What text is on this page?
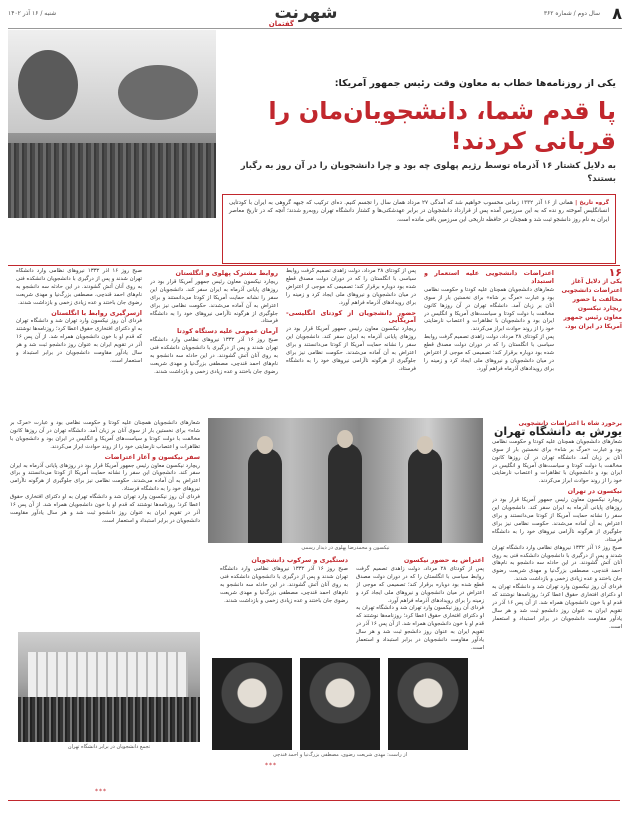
۸
سال دوم / شماره ۳۶۲
شنبه / ۱۶ آذر ۱۴۰۲	شهرنت
گفتمان
یکی از روزنامه‌ها خطاب به معاون وقت رئیس جمهور آمریکا:
پا قدم شما، دانشجویان‌مان را قربانی کردند!
به دلایل کشتار ۱۶ آذرماه توسط رژیم پهلوی چه بود و چرا دانشجویان را در آن روز به رگبار بستند؟
گروه تاریخ | همانی از ۱۶ آذر ۱۳۳۲ زمانی محسوب خواهیم شد که آمدگی ۲۷ مرداد همان سال را تجسم کنیم. ده‌ای ترکیب که جبهه گروهی به ایران با کودتایی انسانگلیس آموخته رو نده که به این سرزمین آمده پس از قرارداد دانشجویان در برابر عهدشکنی‌ها و کشتار دانشگاه تهران روبه‌رو شدند؛ آنچه که در تاریخ معاصر ایران به نام روز دانشجو ثبت شد و همچنان در حافظه تاریخی این سرزمین باقی مانده است.
۱۶
یکی از دلایل آغاز اعتراضات دانشجویی مخالفت با حضور ریچارد نیکسون معاون رئیس جمهور آمریکا در ایران بود.
اعتراضات دانشجویی علیه استعمار و استبداد
شعارهای دانشجویان همچنان علیه کودتا و حکومت نظامی بود و عبارت «مرگ بر شاه» برای نخستین بار از سوی آنان بر زبان آمد. دانشگاه تهران در آن روزها کانون مخالفت با دولت کودتا و سیاست‌های آمریکا و انگلیس در ایران بود و دانشجویان با تظاهرات و اعتصاب نارضایتی خود را از روند حوادث ابراز می‌کردند.
پس از کودتای ۲۸ مرداد، دولت زاهدی تصمیم گرفت روابط سیاسی با انگلستان را که در دوران دولت مصدق قطع شده بود دوباره برقرار کند؛ تصمیمی که موجی از اعتراض در میان دانشجویان و نیروهای ملی ایجاد کرد و زمینه را برای رویدادهای آذرماه فراهم آورد.
پس از کودتای ۲۸ مرداد، دولت زاهدی تصمیم گرفت روابط سیاسی با انگلستان را که در دوران دولت مصدق قطع شده بود دوباره برقرار کند؛ تصمیمی که موجی از اعتراض در میان دانشجویان و نیروهای ملی ایجاد کرد و زمینه را برای رویدادهای آذرماه فراهم آورد.
حضور دانشجویان از کودتای انگلیسی-آمریکایی
ریچارد نیکسون معاون رئیس جمهور آمریکا قرار بود در روزهای پایانی آذرماه به ایران سفر کند. دانشجویان این سفر را نشانه حمایت آمریکا از کودتا می‌دانستند و برای اعتراض به آن آماده می‌شدند. حکومت نظامی نیز برای جلوگیری از هرگونه ناآرامی نیروهای خود را به دانشگاه فرستاد.
روابط مشترک پهلوی و انگلستان
ریچارد نیکسون معاون رئیس جمهور آمریکا قرار بود در روزهای پایانی آذرماه به ایران سفر کند. دانشجویان این سفر را نشانه حمایت آمریکا از کودتا می‌دانستند و برای اعتراض به آن آماده می‌شدند. حکومت نظامی نیز برای جلوگیری از هرگونه ناآرامی نیروهای خود را به دانشگاه فرستاد.
آرمان عمومی علیه دستگاه کودتا
صبح روز ۱۶ آذر ۱۳۳۲ نیروهای نظامی وارد دانشگاه تهران شدند و پس از درگیری با دانشجویان دانشکده فنی به روی آنان آتش گشودند. در این حادثه سه دانشجو به نام‌های احمد قندچی، مصطفی بزرگ‌نیا و مهدی شریعت رضوی جان باختند و عده زیادی زخمی و بازداشت شدند.
صبح روز ۱۶ آذر ۱۳۳۲ نیروهای نظامی وارد دانشگاه تهران شدند و پس از درگیری با دانشجویان دانشکده فنی به روی آنان آتش گشودند. در این حادثه سه دانشجو به نام‌های احمد قندچی، مصطفی بزرگ‌نیا و مهدی شریعت رضوی جان باختند و عده زیادی زخمی و بازداشت شدند.
ازسرگیری روابط با انگلستان
فردای آن روز نیکسون وارد تهران شد و دانشگاه تهران به او دکترای افتخاری حقوق اعطا کرد؛ روزنامه‌ها نوشتند که قدم او با خون دانشجویان همراه شد. از آن پس ۱۶ آذر در تقویم ایران به عنوان روز دانشجو ثبت شد و هر سال یادآور مقاومت دانشجویان در برابر استبداد و استعمار است.
نیکسون و محمدرضا پهلوی در دیدار رسمی
برخورد شاه با اعتراضات دانشجویی
یورش به دانشگاه تهران
شعارهای دانشجویان همچنان علیه کودتا و حکومت نظامی بود و عبارت «مرگ بر شاه» برای نخستین بار از سوی آنان بر زبان آمد. دانشگاه تهران در آن روزها کانون مخالفت با دولت کودتا و سیاست‌های آمریکا و انگلیس در ایران بود و دانشجویان با تظاهرات و اعتصاب نارضایتی خود را از روند حوادث ابراز می‌کردند.
نیکسون در تهران
ریچارد نیکسون معاون رئیس جمهور آمریکا قرار بود در روزهای پایانی آذرماه به ایران سفر کند. دانشجویان این سفر را نشانه حمایت آمریکا از کودتا می‌دانستند و برای اعتراض به آن آماده می‌شدند. حکومت نظامی نیز برای جلوگیری از هرگونه ناآرامی نیروهای خود را به دانشگاه فرستاد.
صبح روز ۱۶ آذر ۱۳۳۲ نیروهای نظامی وارد دانشگاه تهران شدند و پس از درگیری با دانشجویان دانشکده فنی به روی آنان آتش گشودند. در این حادثه سه دانشجو به نام‌های احمد قندچی، مصطفی بزرگ‌نیا و مهدی شریعت رضوی جان باختند و عده زیادی زخمی و بازداشت شدند.
فردای آن روز نیکسون وارد تهران شد و دانشگاه تهران به او دکترای افتخاری حقوق اعطا کرد؛ روزنامه‌ها نوشتند که قدم او با خون دانشجویان همراه شد. از آن پس ۱۶ آذر در تقویم ایران به عنوان روز دانشجو ثبت شد و هر سال یادآور مقاومت دانشجویان در برابر استبداد و استعمار است.
اعتراض به حضور نیکسون
پس از کودتای ۲۸ مرداد، دولت زاهدی تصمیم گرفت روابط سیاسی با انگلستان را که در دوران دولت مصدق قطع شده بود دوباره برقرار کند؛ تصمیمی که موجی از اعتراض در میان دانشجویان و نیروهای ملی ایجاد کرد و زمینه را برای رویدادهای آذرماه فراهم آورد.
فردای آن روز نیکسون وارد تهران شد و دانشگاه تهران به او دکترای افتخاری حقوق اعطا کرد؛ روزنامه‌ها نوشتند که قدم او با خون دانشجویان همراه شد. از آن پس ۱۶ آذر در تقویم ایران به عنوان روز دانشجو ثبت شد و هر سال یادآور مقاومت دانشجویان در برابر استبداد و استعمار است.
دستگیری و سرکوب دانشجویان
صبح روز ۱۶ آذر ۱۳۳۲ نیروهای نظامی وارد دانشگاه تهران شدند و پس از درگیری با دانشجویان دانشکده فنی به روی آنان آتش گشودند. در این حادثه سه دانشجو به نام‌های احمد قندچی، مصطفی بزرگ‌نیا و مهدی شریعت رضوی جان باختند و عده زیادی زخمی و بازداشت شدند.
شعارهای دانشجویان همچنان علیه کودتا و حکومت نظامی بود و عبارت «مرگ بر شاه» برای نخستین بار از سوی آنان بر زبان آمد. دانشگاه تهران در آن روزها کانون مخالفت با دولت کودتا و سیاست‌های آمریکا و انگلیس در ایران بود و دانشجویان با تظاهرات و اعتصاب نارضایتی خود را از روند حوادث ابراز می‌کردند.
سفر نیکسون و آغاز اعتراضات
ریچارد نیکسون معاون رئیس جمهور آمریکا قرار بود در روزهای پایانی آذرماه به ایران سفر کند. دانشجویان این سفر را نشانه حمایت آمریکا از کودتا می‌دانستند و برای اعتراض به آن آماده می‌شدند. حکومت نظامی نیز برای جلوگیری از هرگونه ناآرامی نیروهای خود را به دانشگاه فرستاد.
فردای آن روز نیکسون وارد تهران شد و دانشگاه تهران به او دکترای افتخاری حقوق اعطا کرد؛ روزنامه‌ها نوشتند که قدم او با خون دانشجویان همراه شد. از آن پس ۱۶ آذر در تقویم ایران به عنوان روز دانشجو ثبت شد و هر سال یادآور مقاومت دانشجویان در برابر استبداد و استعمار است.
تجمع دانشجویان در برابر دانشگاه تهران
از راست: مهدی شریعت رضوی، مصطفی بزرگ‌نیا و احمد قندچی
***
***
